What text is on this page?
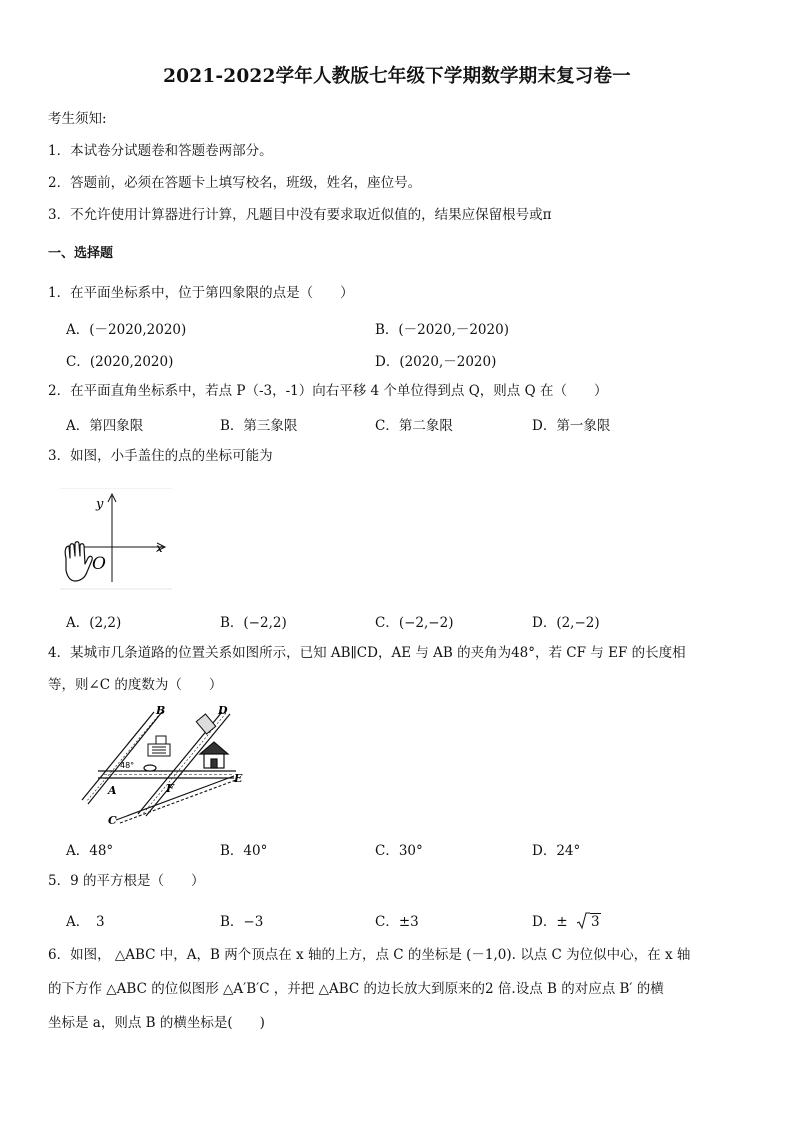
2021-2022学年人教版七年级下学期数学期末复习卷一
考生须知:
1．本试卷分试题卷和答题卷两部分。
2．答题前，必须在答题卡上填写校名，班级，姓名，座位号。
3．不允许使用计算器进行计算，凡题目中没有要求取近似值的，结果应保留根号或π
一、选择题
1．在平面坐标系中，位于第四象限的点是（　　）
A．(－2020,2020)	B．(－2020,－2020)
C．(2020,2020)	D．(2020,－2020)
2．在平面直角坐标系中，若点 P（-3，-1）向右平移 4 个单位得到点 Q，则点 Q 在（　　）
A．第四象限	B．第三象限	C．第二象限	D．第一象限
3．如图，小手盖住的点的坐标可能为
y
x
O
A．(2,2)	B．(−2,2)	C．(−2,−2)	D．(2,−2)
4．某城市几条道路的位置关系如图所示，已知 AB∥CD，AE 与 AB 的夹角为48°，若 CF 与 EF 的长度相
等，则∠C 的度数为（　　）
B	D
A	F
E
C
48°
A．48°	B．40°	C．30°	D．24°
5．9 的平方根是（　　）
A．　3	B．−3	C．±3	D．± 3
6．如图， △ABC 中，A，B 两个顶点在 x 轴的上方，点 C 的坐标是 (－1,0). 以点 C 为位似中心，在 x 轴
的下方作 △ABC 的位似图形 △A′B′C ，并把 △ABC 的边长放大到原来的2 倍.设点 B 的对应点 B′ 的横
坐标是 a，则点 B 的横坐标是(　　)
